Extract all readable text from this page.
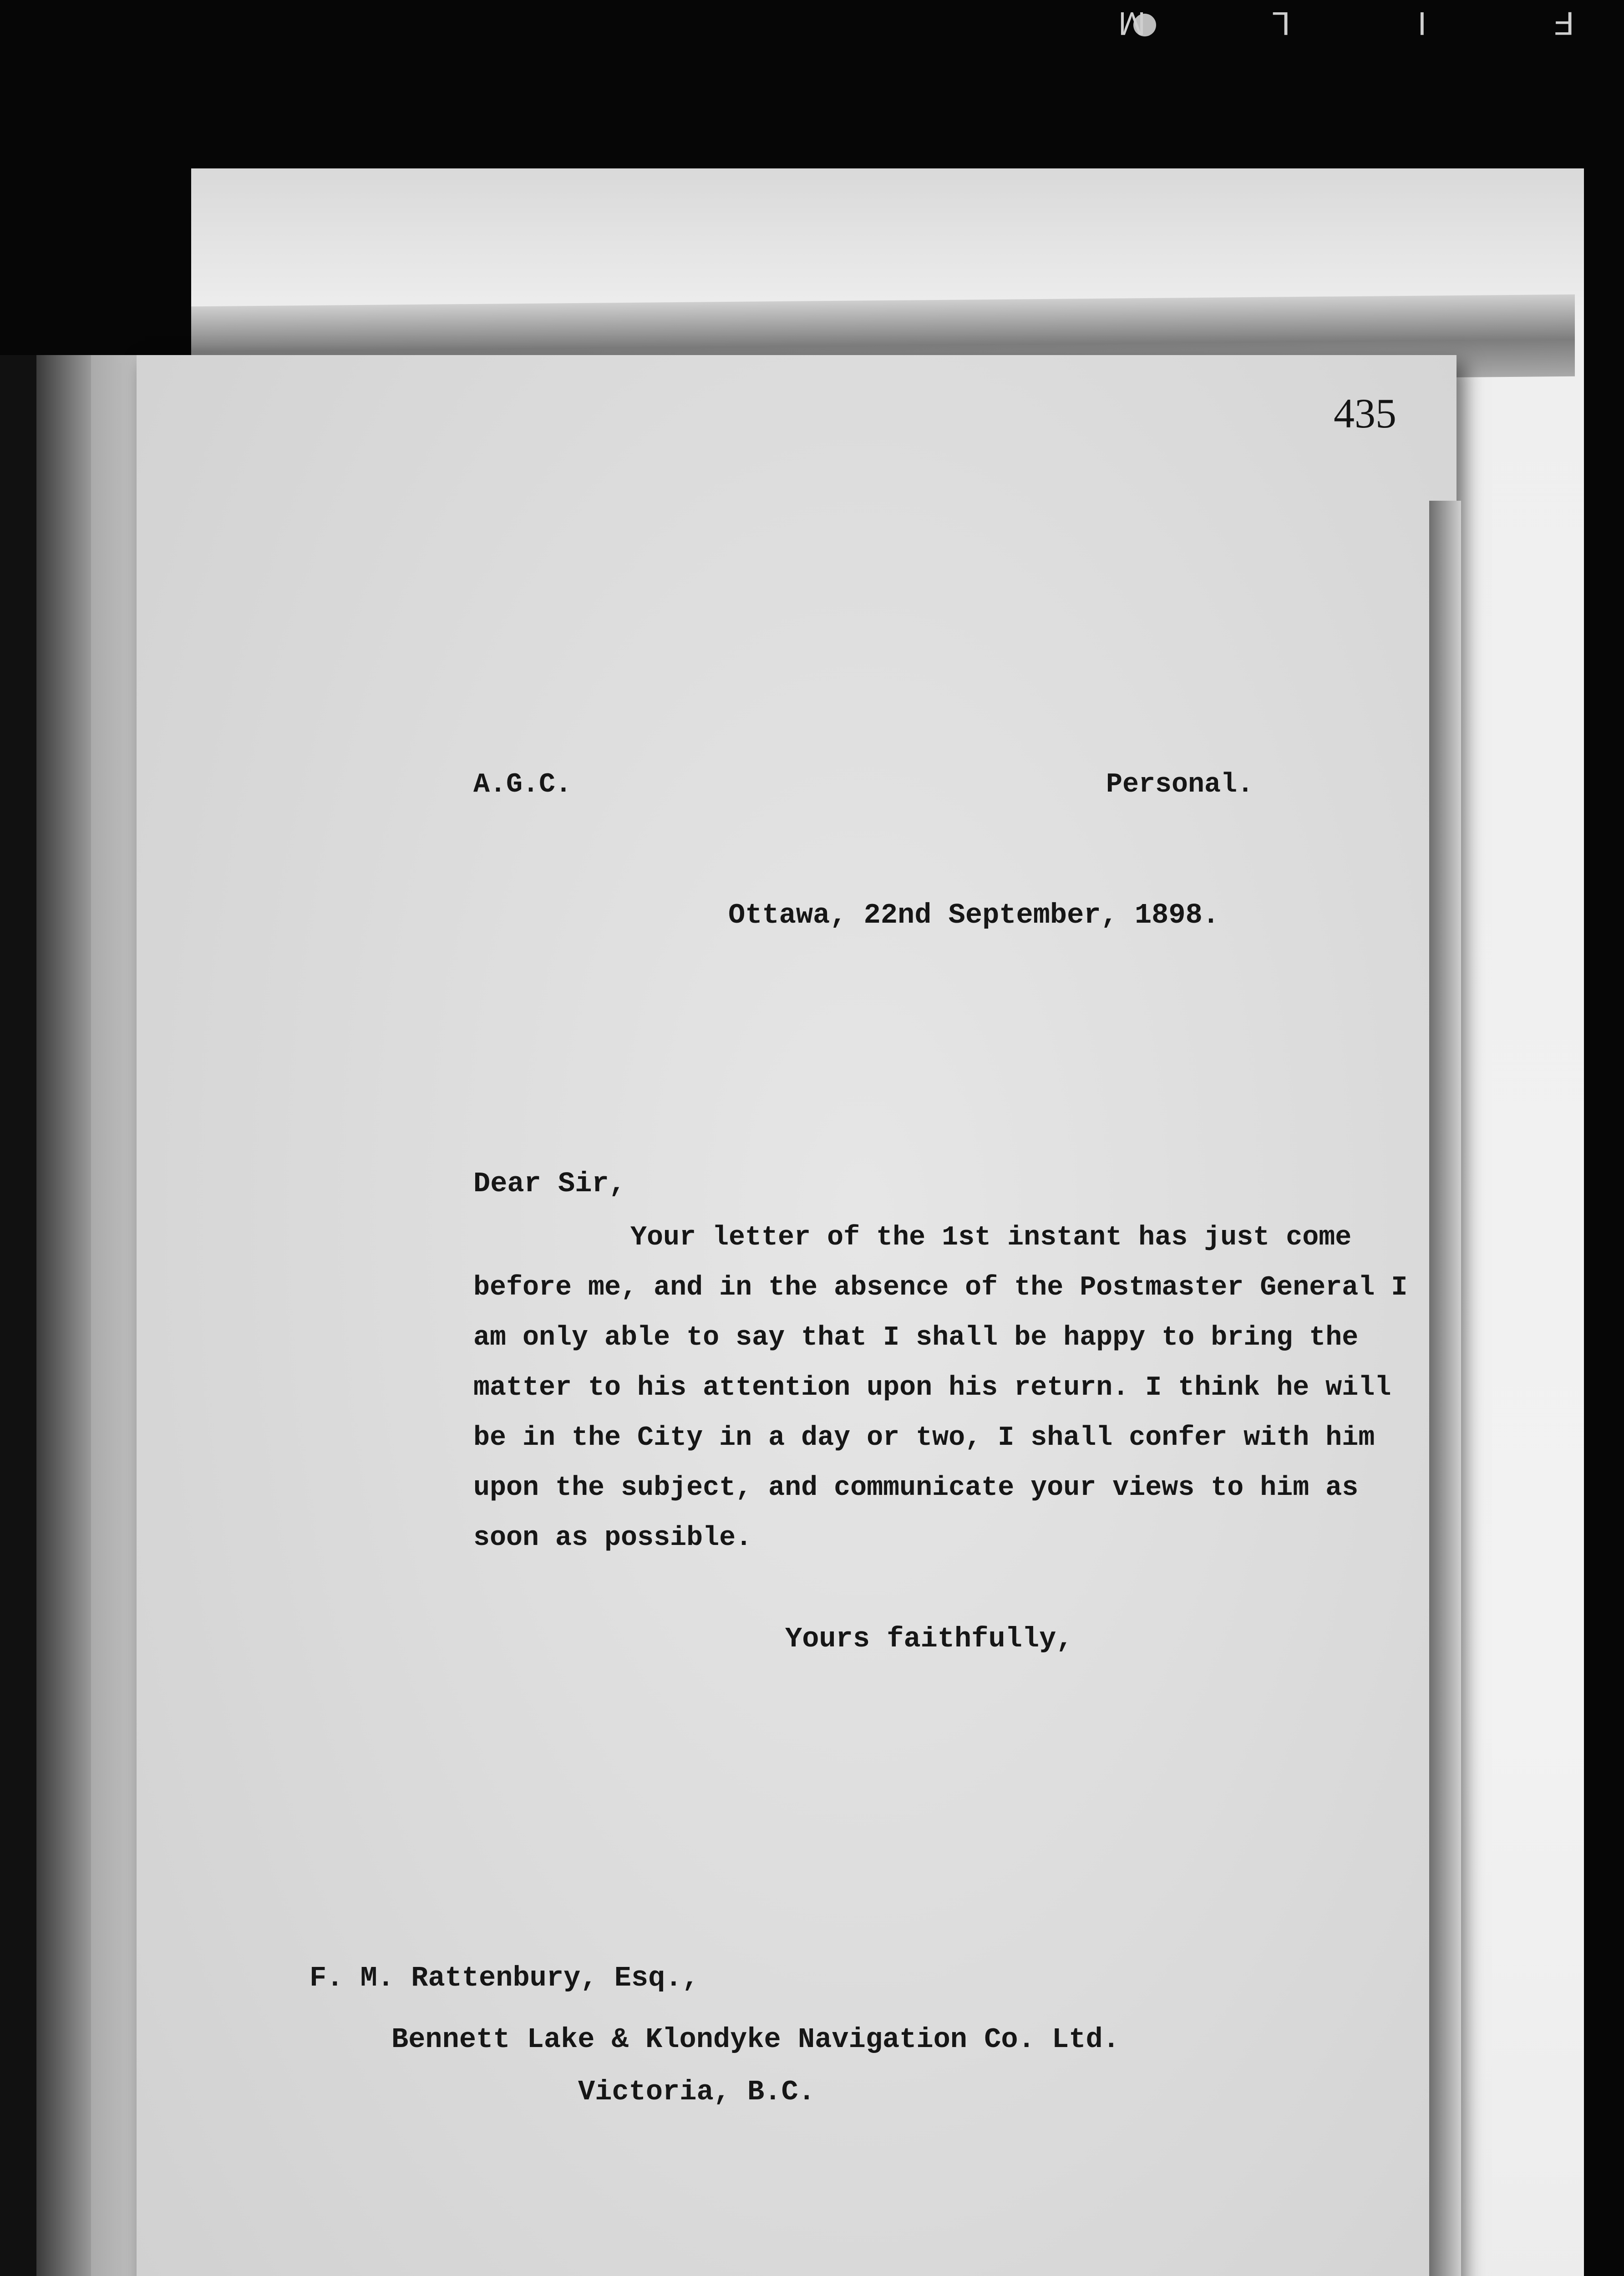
F I L M
435
A.G.C.	Personal.
Ottawa, 22nd September, 1898.
Dear Sir,
Your letter of the 1st instant has just come
before me, and in the absence of the Postmaster General I
am only able to say that I shall be happy to bring the
matter to his attention upon his return. I think he will
be in the City in a day or two, I shall confer with him
upon the subject, and communicate your views to him as
soon as possible.
Yours faithfully,
F. M. Rattenbury, Esq.,
Bennett Lake & Klondyke Navigation Co. Ltd.
Victoria, B.C.
